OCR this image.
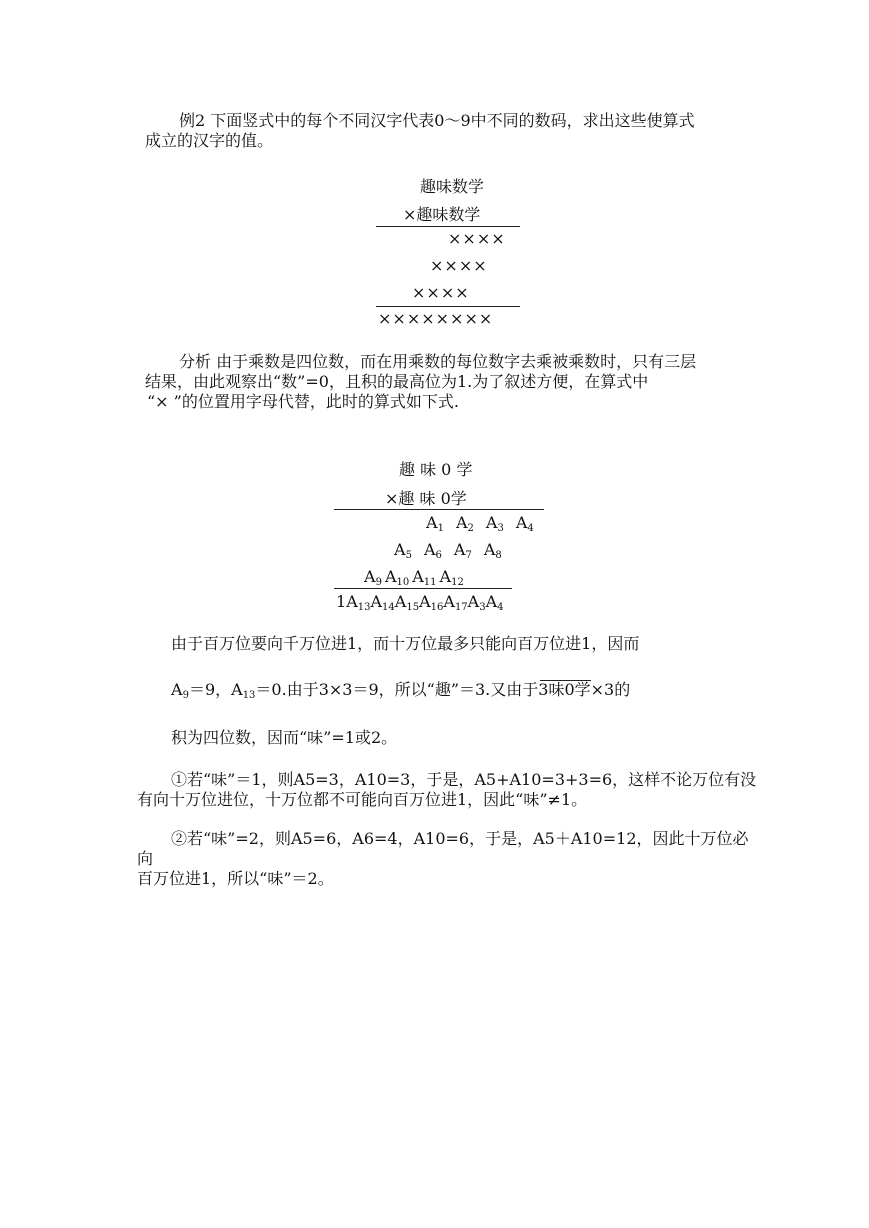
例2 下面竖式中的每个不同汉字代表0～9中不同的数码，求出这些使算式
成立的汉字的值。
趣味数学
×趣味数学
××××
××××
××××
××××××××
分析 由于乘数是四位数，而在用乘数的每位数字去乘被乘数时，只有三层
结果，由此观察出“数”=0，且积的最高位为1.为了叙述方便，在算式中
“× ”的位置用字母代替，此时的算式如下式.
趣 味 0 学
×趣 味 0学
$A_1$ $A_2$ $A_3$ $A_4$
$A_5$ $A_6$ $A_7$ $A_8$
$A_9$ $A_{10}$ $A_{11}$ $A_{12}$
$1A_{13}A_{14}A_{15}A_{16}A_{17}A_3A_4$
由于百万位要向千万位进1，而十万位最多只能向百万位进1，因而
$A_9=9$，$A_{13}=0$.由于3×3＝9，所以“趣”＝3.又由于3味0学×3的
积为四位数，因而“味”=1或2。
①若“味”＝1，则A5=3，A10=3，于是，A5+A10=3+3=6，这样不论万位有没
有向十万位进位，十万位都不可能向百万位进1，因此“味”≠1。
②若“味”=2，则A5=6，A6=4，A10=6，于是，A5＋A10=12，因此十万位必向
百万位进1，所以“味”＝2。
